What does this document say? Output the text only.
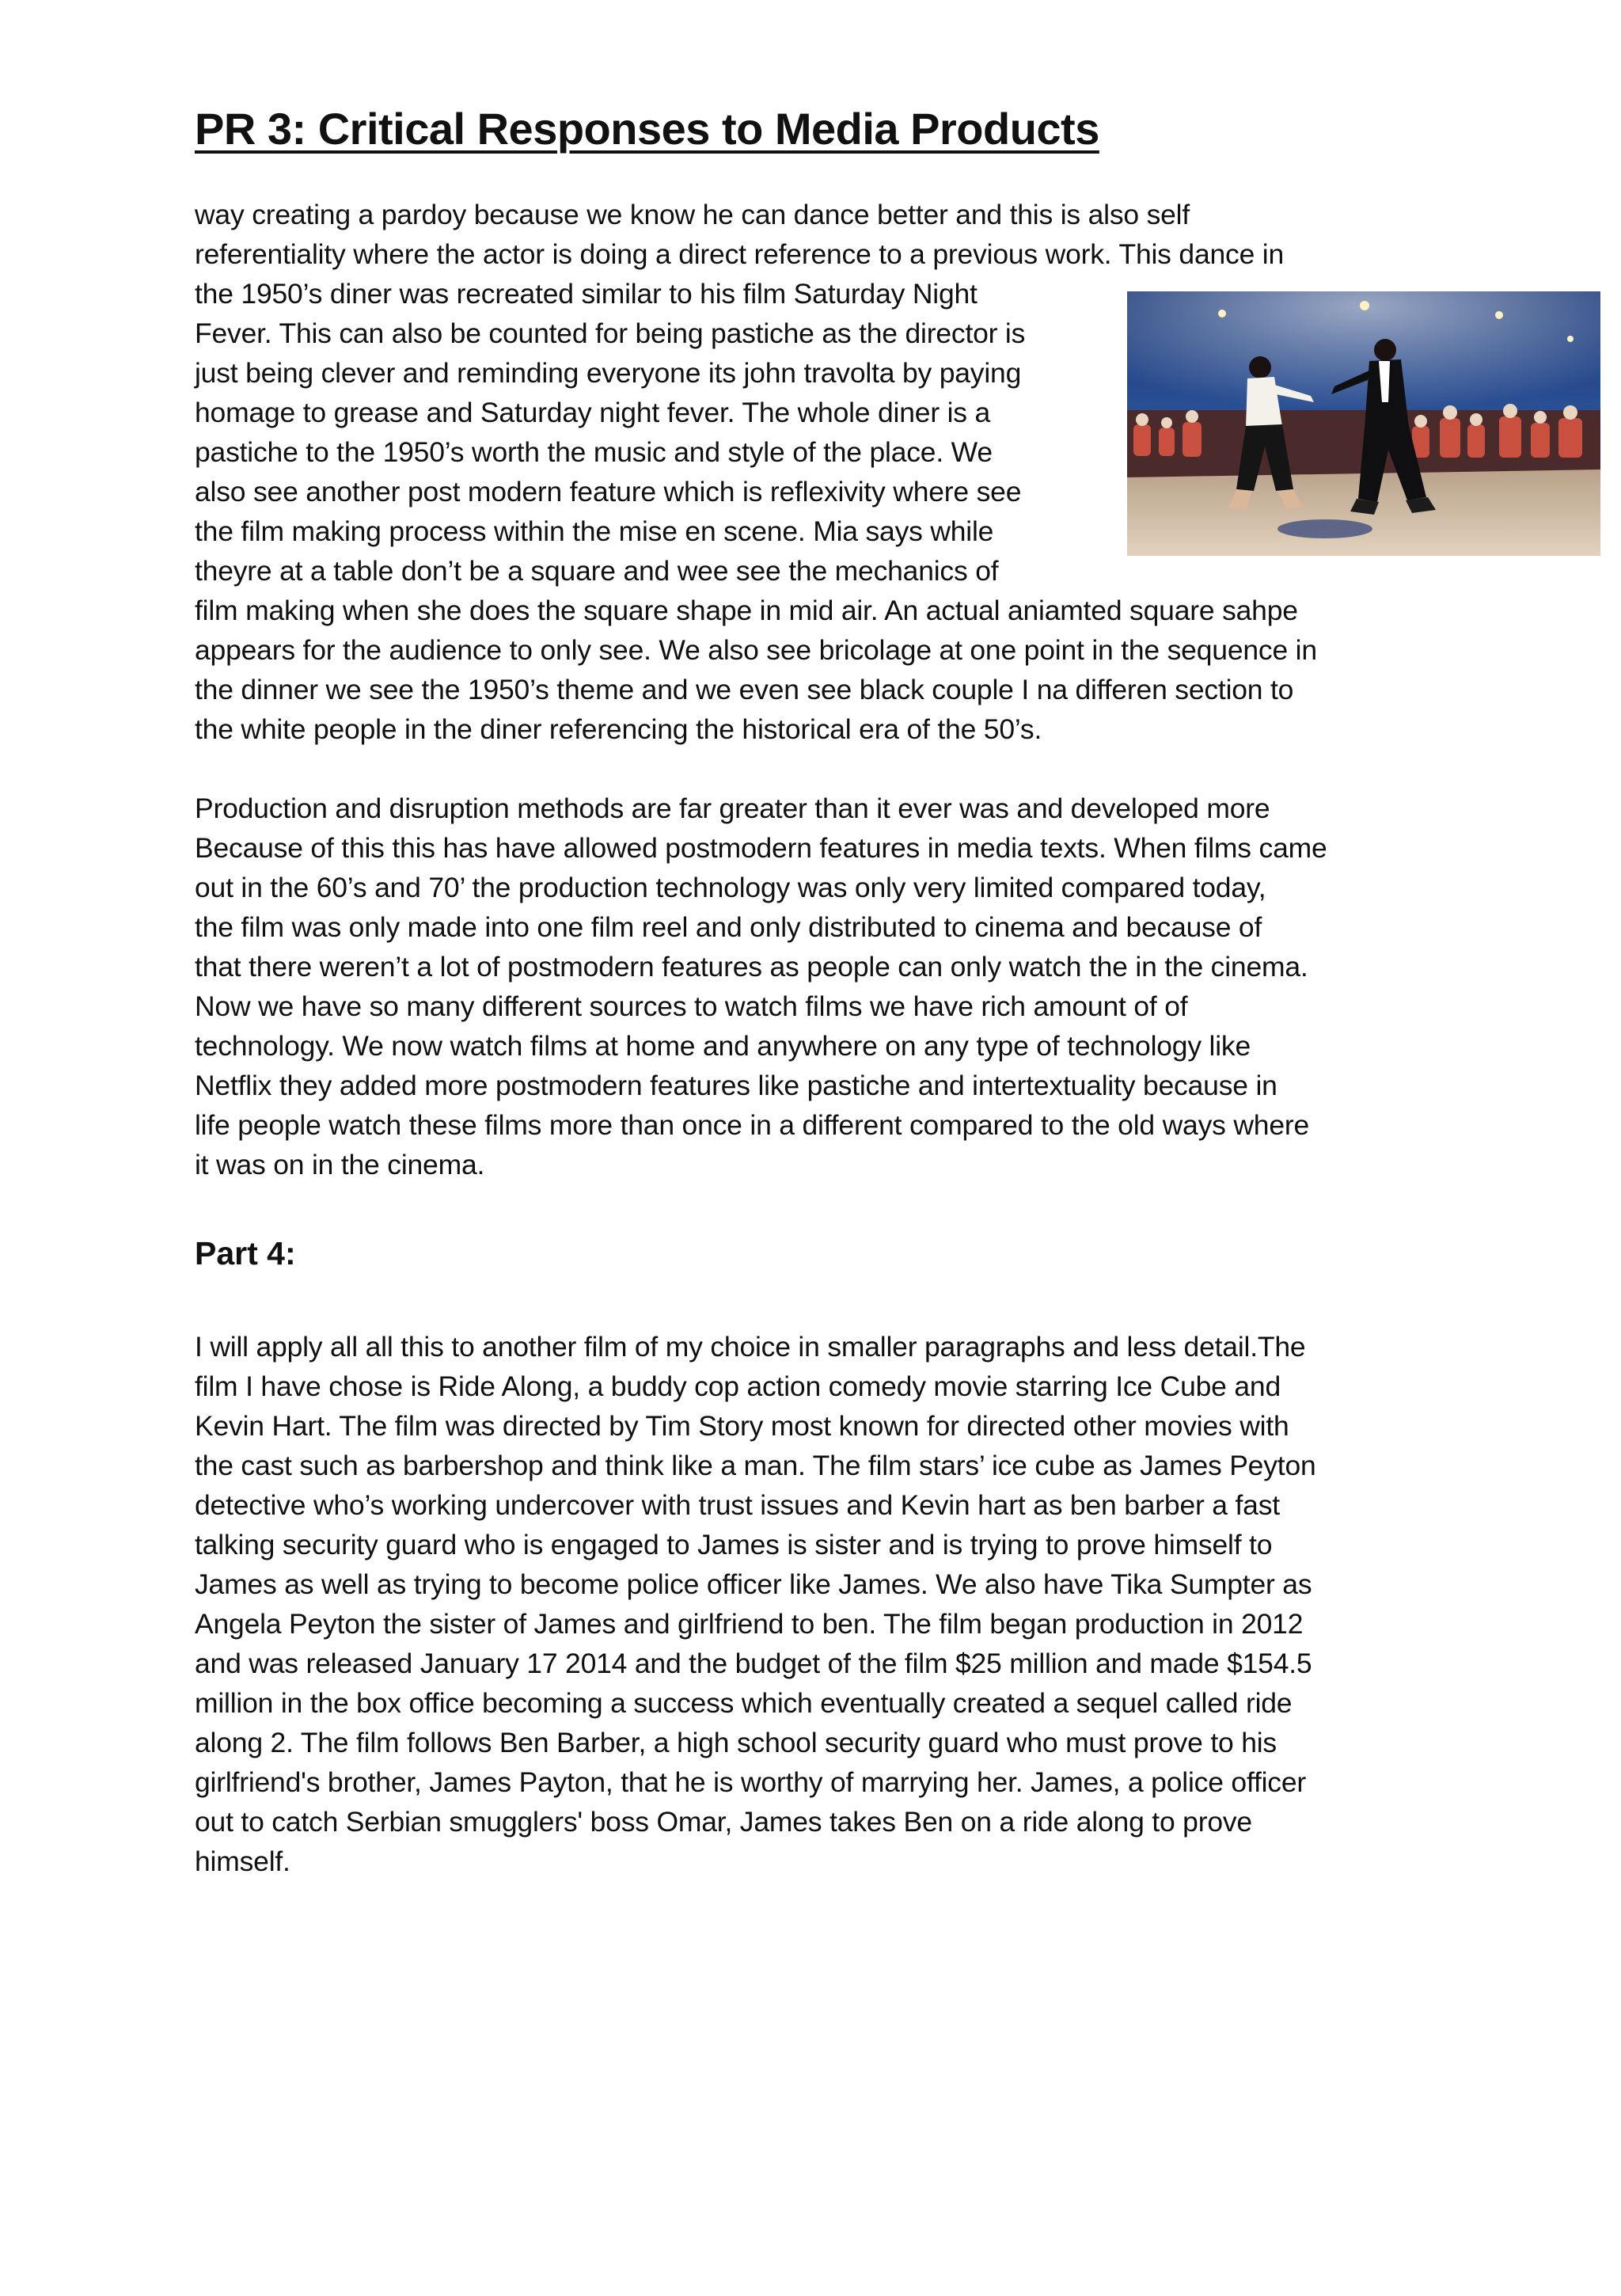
PR 3: Critical Responses to Media Products

way creating a pardoy because we know he can dance better and this is also self

referentiality where the actor is doing a direct reference to a previous work. This dance in

the 1950’s diner was recreated similar to his film Saturday Night

Fever. This can also be counted for being pastiche as the director is

just being clever and reminding everyone its john travolta by paying

homage to grease and Saturday night fever. The whole diner is a

pastiche to the 1950’s worth the music and style of the place. We

also see another post modern feature which is reflexivity where see

the film making process within the mise en scene. Mia says while

theyre at a table don’t be a square and wee see the mechanics of

film making when she does the square shape in mid air. An actual aniamted square sahpe

appears for the audience to only see. We also see bricolage at one point in the sequence in

the dinner we see the 1950’s theme and we even see black couple I na differen section to

the white people in the diner referencing the historical era of the 50’s.

Production and disruption methods are far greater than it ever was and developed more

Because of this this has have allowed postmodern features in media texts. When films came

out in the 60’s and 70’ the production technology was only very limited compared today,

the film was only made into one film reel and only distributed to cinema and because of

that there weren’t a lot of postmodern features as people can only watch the in the cinema.

Now we have so many different sources to watch films we have rich amount of of

technology. We now watch films at home and anywhere on any type of technology like

Netflix they added more postmodern features like pastiche and intertextuality because in

life people watch these films more than once in a different compared to the old ways where

it was on in the cinema.

Part 4:

I will apply all all this to another film of my choice in smaller paragraphs and less detail.The

film I have chose is Ride Along, a buddy cop action comedy movie starring Ice Cube and

Kevin Hart. The film was directed by Tim Story most known for directed other movies with

the cast such as barbershop and think like a man. The film stars’ ice cube as James Peyton

detective who’s working undercover with trust issues and Kevin hart as ben barber a fast

talking security guard who is engaged to James is sister and is trying to prove himself to

James as well as trying to become police officer like James. We also have Tika Sumpter as

Angela Peyton the sister of James and girlfriend to ben. The film began production in 2012

and was released January 17 2014 and the budget of the film $25 million and made $154.5

million in the box office becoming a success which eventually created a sequel called ride

along 2. The film follows Ben Barber, a high school security guard who must prove to his

girlfriend's brother, James Payton, that he is worthy of marrying her. James, a police officer

out to catch Serbian smugglers' boss Omar, James takes Ben on a ride along to prove

himself.
